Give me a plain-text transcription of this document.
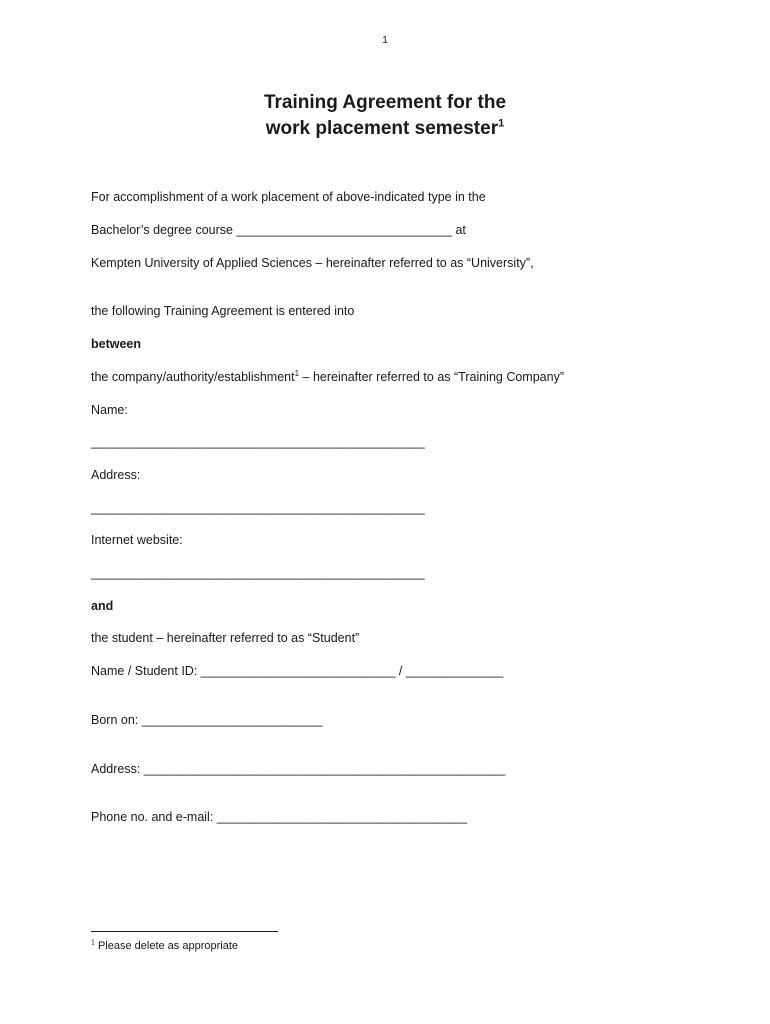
1
Training Agreement for the
work placement semester$^1$
For accomplishment of a work placement of above-indicated type in the
Bachelor’s degree course _______________________________ at
Kempten University of Applied Sciences – hereinafter referred to as “University”,
the following Training Agreement is entered into
between
the company/authority/establishment$^1$ – hereinafter referred to as “Training Company”
Name:
________________________________________________
Address:
________________________________________________
Internet website:
________________________________________________
and
the student – hereinafter referred to as “Student”
Name / Student ID: ____________________________ / ______________
Born on: __________________________
Address: ____________________________________________________
Phone no. and e-mail: ____________________________________
$^1$ Please delete as appropriate
